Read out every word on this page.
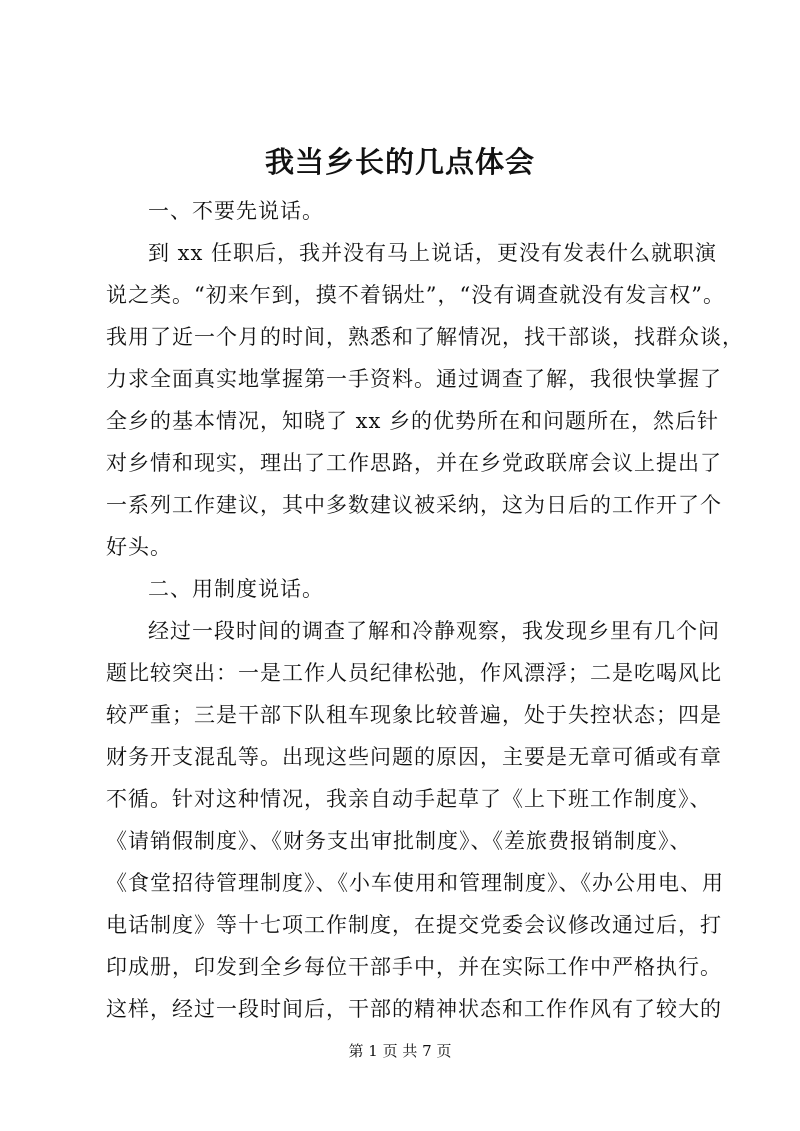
我当乡长的几点体会
一、不要先说话。
到 xx 任职后，我并没有马上说话，更没有发表什么就职演
说之类。“初来乍到，摸不着锅灶”，“没有调查就没有发言权”。
我用了近一个月的时间，熟悉和了解情况，找干部谈，找群众谈，
力求全面真实地掌握第一手资料。通过调查了解，我很快掌握了
全乡的基本情况，知晓了 xx 乡的优势所在和问题所在，然后针
对乡情和现实，理出了工作思路，并在乡党政联席会议上提出了
一系列工作建议，其中多数建议被采纳，这为日后的工作开了个
好头。
二、用制度说话。
经过一段时间的调查了解和冷静观察，我发现乡里有几个问
题比较突出：一是工作人员纪律松弛，作风漂浮；二是吃喝风比
较严重；三是干部下队租车现象比较普遍，处于失控状态；四是
财务开支混乱等。出现这些问题的原因，主要是无章可循或有章
不循。针对这种情况，我亲自动手起草了《上下班工作制度》、
《请销假制度》、《财务支出审批制度》、《差旅费报销制度》、
《食堂招待管理制度》、《小车使用和管理制度》、《办公用电、用
电话制度》等十七项工作制度，在提交党委会议修改通过后，打
印成册，印发到全乡每位干部手中，并在实际工作中严格执行。
这样，经过一段时间后，干部的精神状态和工作作风有了较大的
第 1 页 共 7 页
